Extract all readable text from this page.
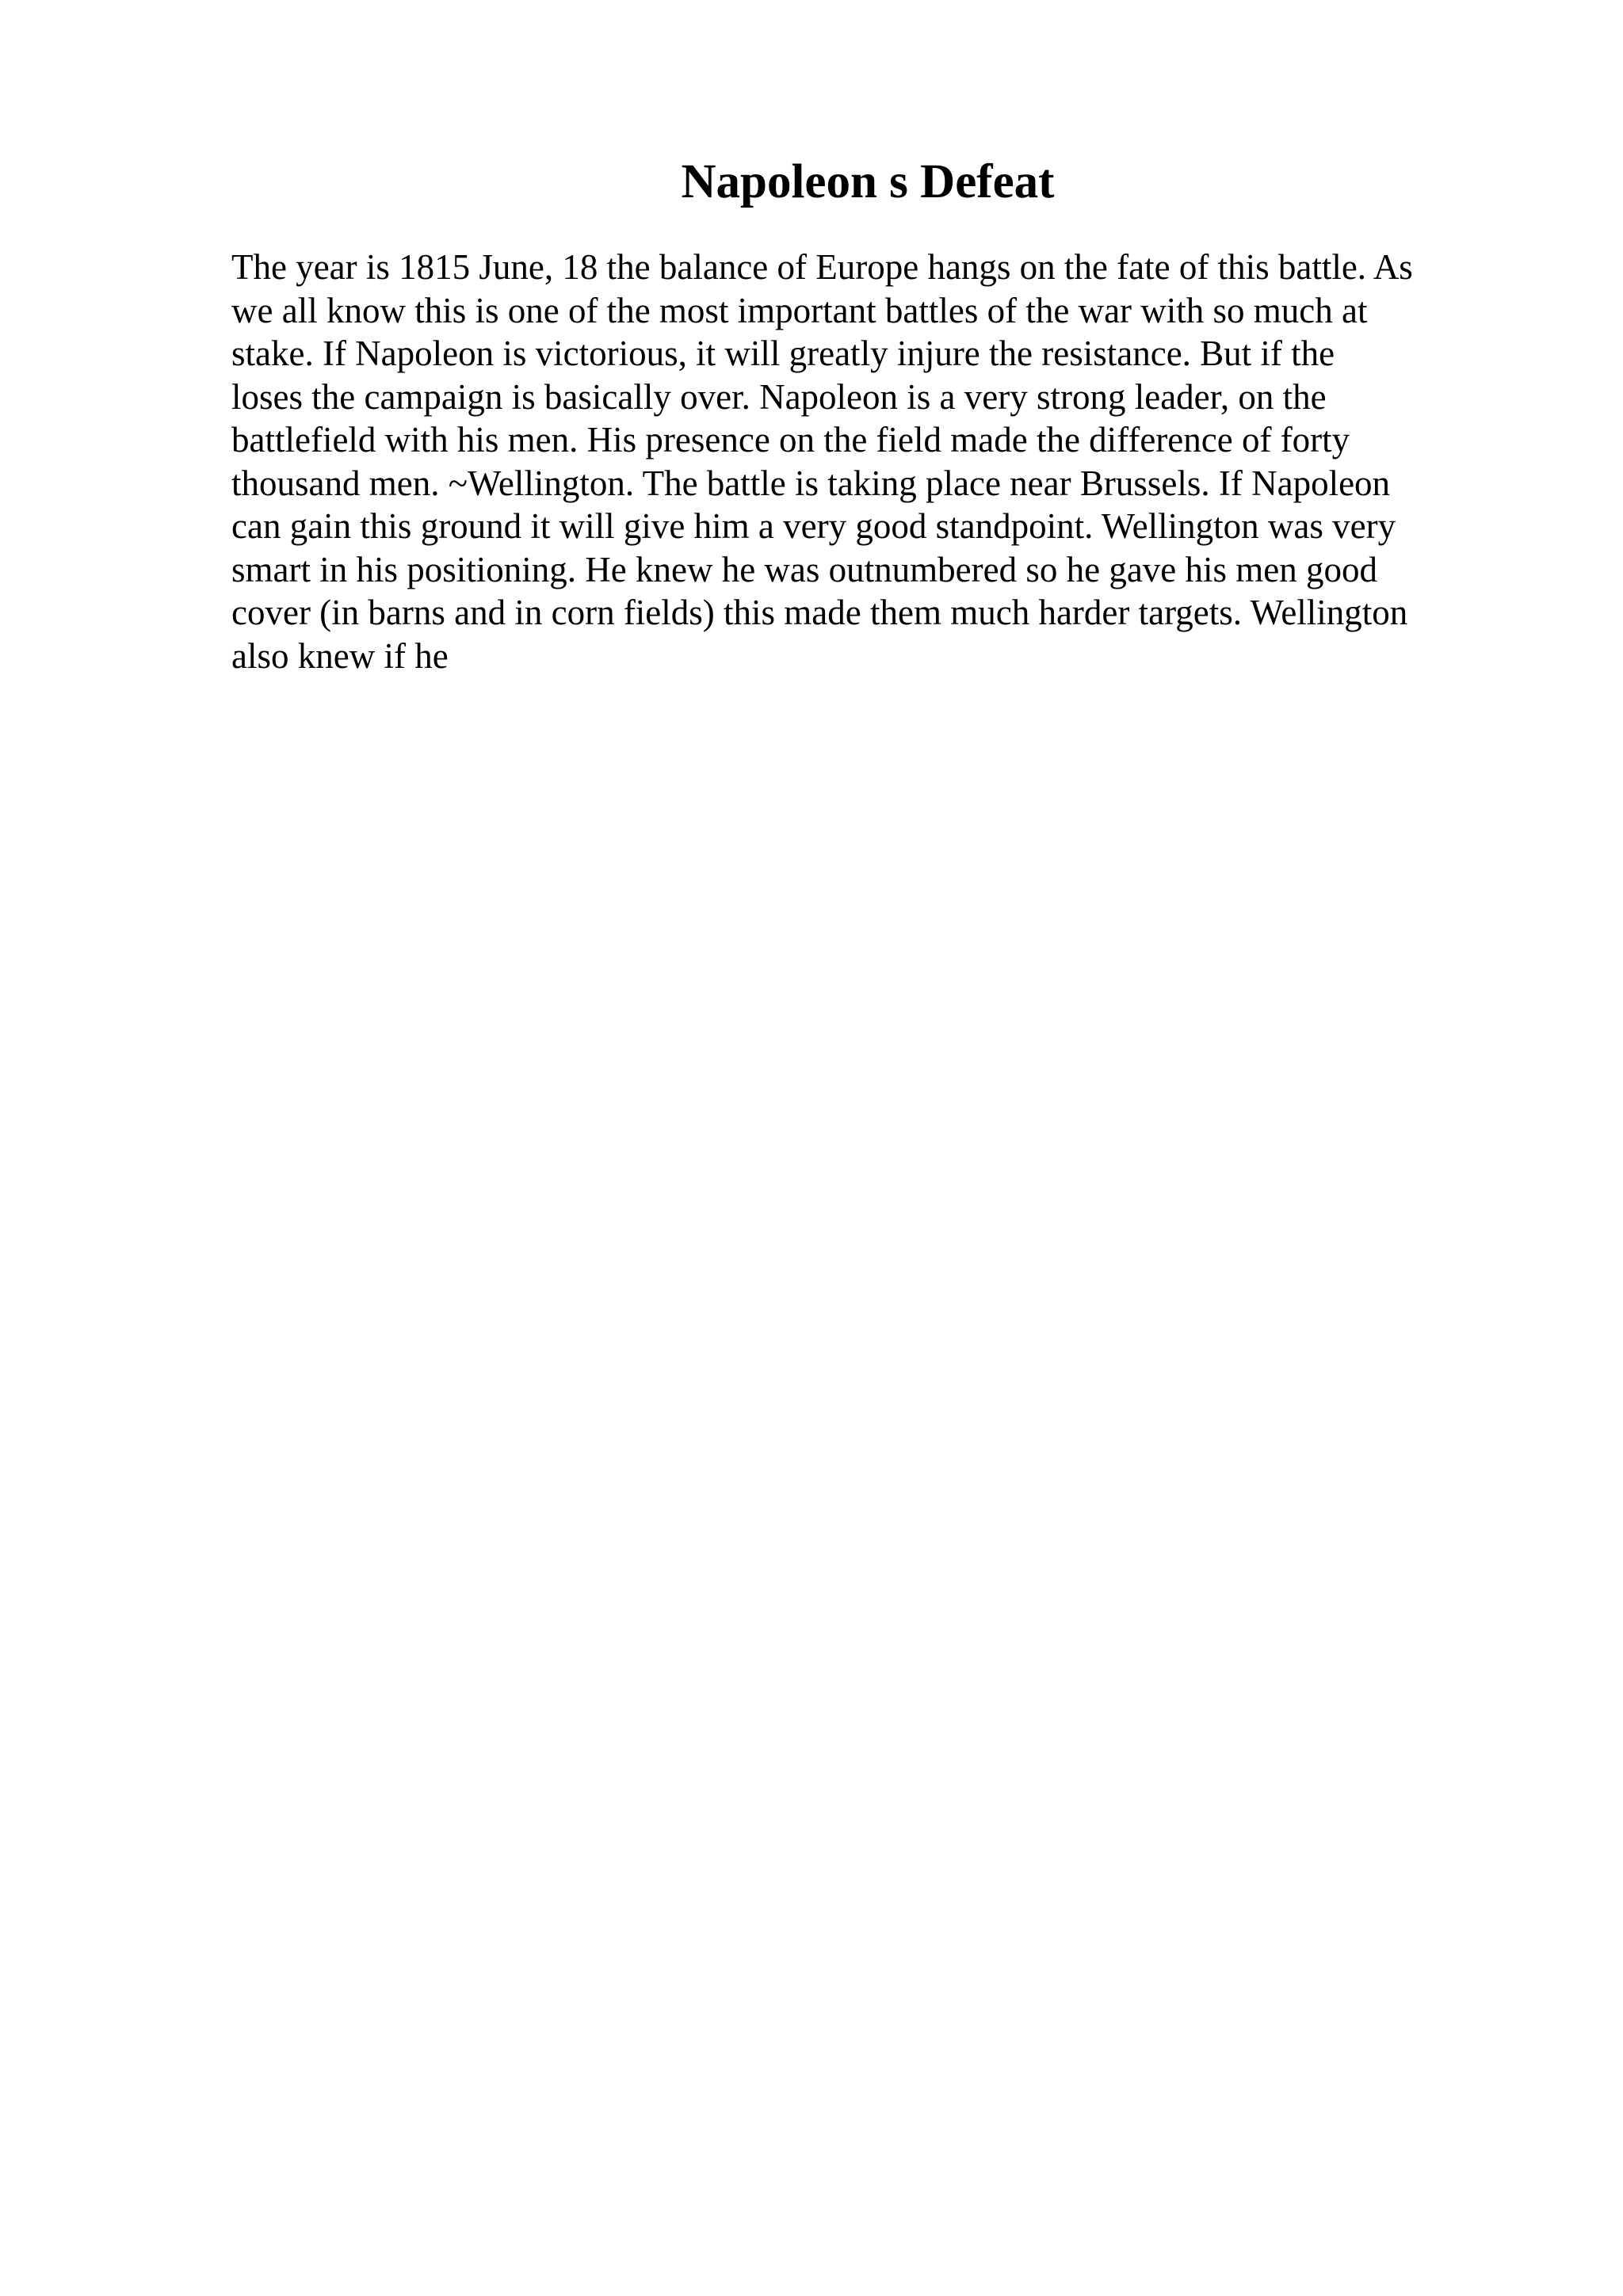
Napoleon s Defeat
The year is 1815 June, 18 the balance of Europe hangs on the fate of this battle. As
we all know this is one of the most important battles of the war with so much at
stake. If Napoleon is victorious, it will greatly injure the resistance. But if the
loses the campaign is basically over. Napoleon is a very strong leader, on the
battlefield with his men. His presence on the field made the difference of forty
thousand men. ~Wellington. The battle is taking place near Brussels. If Napoleon
can gain this ground it will give him a very good standpoint. Wellington was very
smart in his positioning. He knew he was outnumbered so he gave his men good
cover (in barns and in corn fields) this made them much harder targets. Wellington
also knew if he
